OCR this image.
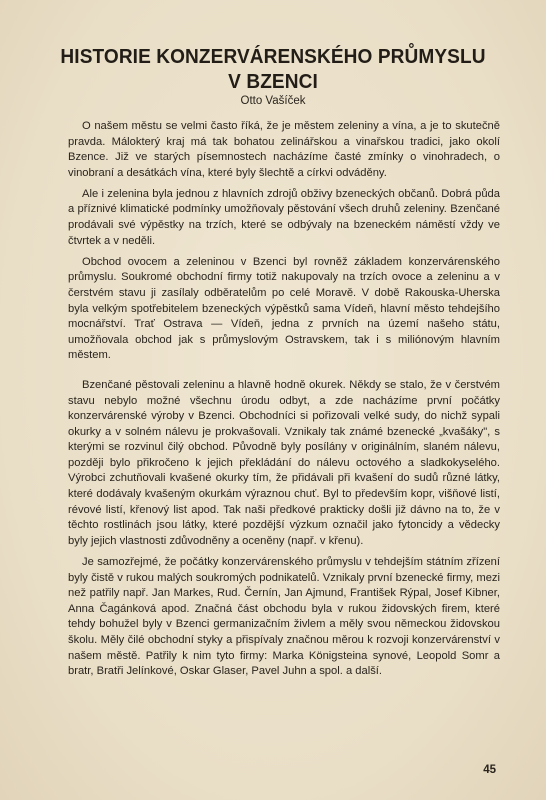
HISTORIE KONZERVÁRENSKÉHO PRŮMYSLU
V BZENCI
Otto Vašíček

O našem městu se velmi často říká, že je městem zeleniny a vína, a je to skutečně pravda. Málokterý kraj má tak bohatou zelinářskou a vinařskou tradici, jako okolí Bzence. Již ve starých písemnostech nacházíme časté zmínky o vinohradech, o vinobraní a desátkách vína, které byly šlechtě a církvi odváděny.

Ale i zelenina byla jednou z hlavních zdrojů obživy bzeneckých občanů. Dobrá půda a příznivé klimatické podmínky umožňovaly pěstování všech druhů zeleniny. Bzenčané prodávali své výpěstky na trzích, které se odbývaly na bzeneckém náměstí vždy ve čtvrtek a v neděli.

Obchod ovocem a zeleninou v Bzenci byl rovněž základem konzervárenského průmyslu. Soukromé obchodní firmy totiž nakupovaly na trzích ovoce a zeleninu a v čerstvém stavu ji zasílaly odběratelům po celé Moravě. V době Rakouska-Uherska byla velkým spotřebitelem bzeneckých výpěstků sama Vídeň, hlavní město tehdejšího mocnářství. Trať Ostrava — Vídeň, jedna z prvních na území našeho státu, umožňovala obchod jak s průmyslovým Ostravskem, tak i s miliónovým hlavním městem.

Bzenčané pěstovali zeleninu a hlavně hodně okurek. Někdy se stalo, že v čerstvém stavu nebylo možné všechnu úrodu odbyt, a zde nacházíme první počátky konzervárenské výroby v Bzenci. Obchodníci si pořizovali velké sudy, do nichž sypali okurky a v solném nálevu je prokvašovali. Vznikaly tak známé bzenecké „kvašáky", s kterými se rozvinul čilý obchod. Původně byly posílány v originálním, slaném nálevu, později bylo přikročeno k jejich překládání do nálevu octového a sladkokyselého. Výrobci zchutňovali kvašené okurky tím, že přidávali při kvašení do sudů různé látky, které dodávaly kvašeným okurkám výraznou chuť. Byl to především kopr, višňové listí, révové listí, křenový list apod. Tak naši předkové prakticky došli již dávno na to, že v těchto rostlinách jsou látky, které pozdější výzkum označil jako fytoncidy a vědecky byly jejich vlastnosti zdůvodněny a oceněny (např. v křenu).

Je samozřejmé, že počátky konzervárenského průmyslu v tehdejším státním zřízení byly čistě v rukou malých soukromých podnikatelů. Vznikaly první bzenecké firmy, mezi než patřily např. Jan Markes, Rud. Černín, Jan Ajmund, František Rýpal, Josef Kibner, Anna Čagánková apod. Značná část obchodu byla v rukou židovských firem, které tehdy bohužel byly v Bzenci germanizačním živlem a měly svou německou židovskou školu. Měly čilé obchodní styky a přispívaly značnou měrou k rozvoji konzervárenství v našem městě. Patřily k nim tyto firmy: Marka Königsteina synové, Leopold Somr a bratr, Bratři Jelínkové, Oskar Glaser, Pavel Juhn a spol. a další.

45
